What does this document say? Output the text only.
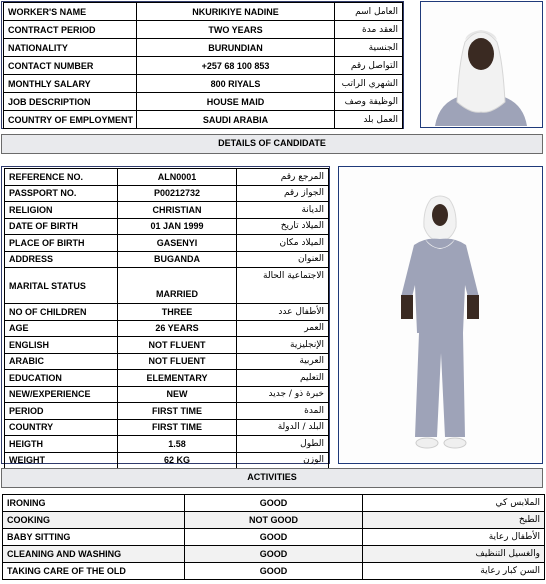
WORKER'S NAME	NKURIKIYE NADINE	العامل اسم
CONTRACT PERIOD	TWO YEARS	العقد مدة
NATIONALITY	BURUNDIAN	الجنسية
CONTACT NUMBER	+257 68 100 853	التواصل رقم
MONTHLY SALARY	800 RIYALS	الشهري الراتب
JOB DESCRIPTION	HOUSE MAID	الوظيفة وصف
COUNTRY OF EMPLOYMENT	SAUDI ARABIA	العمل بلد
DETAILS OF CANDIDATE
REFERENCE NO.	ALN0001	المرجع رقم
PASSPORT NO.	P00212732	الجواز رقم
RELIGION	CHRISTIAN	الديانة
DATE OF BIRTH	01 JAN 1999	الميلاد تاريخ
PLACE OF BIRTH	GASENYI	الميلاد مكان
ADDRESS	BUGANDA	العنوان
MARITAL STATUS	MARRIED	الاجتماعية الحالة
NO OF CHILDREN	THREE	الأطفال عدد
AGE	26 YEARS	العمر
ENGLISH	NOT FLUENT	الإنجليزية
ARABIC	NOT FLUENT	العربية
EDUCATION	ELEMENTARY	التعليم
NEW/EXPERIENCE	NEW	خبرة ذو / جديد
PERIOD	FIRST TIME	المدة
COUNTRY	FIRST TIME	البلد / الدولة
HEIGTH	1.58	الطول
WEIGHT	62 KG	الوزن
ACTIVITIES
IRONING	GOOD	الملابس كي
COOKING	NOT GOOD	الطبخ
BABY SITTING	GOOD	الأطفال رعاية
CLEANING AND WASHING	GOOD	والغسيل التنظيف
TAKING CARE OF THE OLD	GOOD	السن كبار رعاية
